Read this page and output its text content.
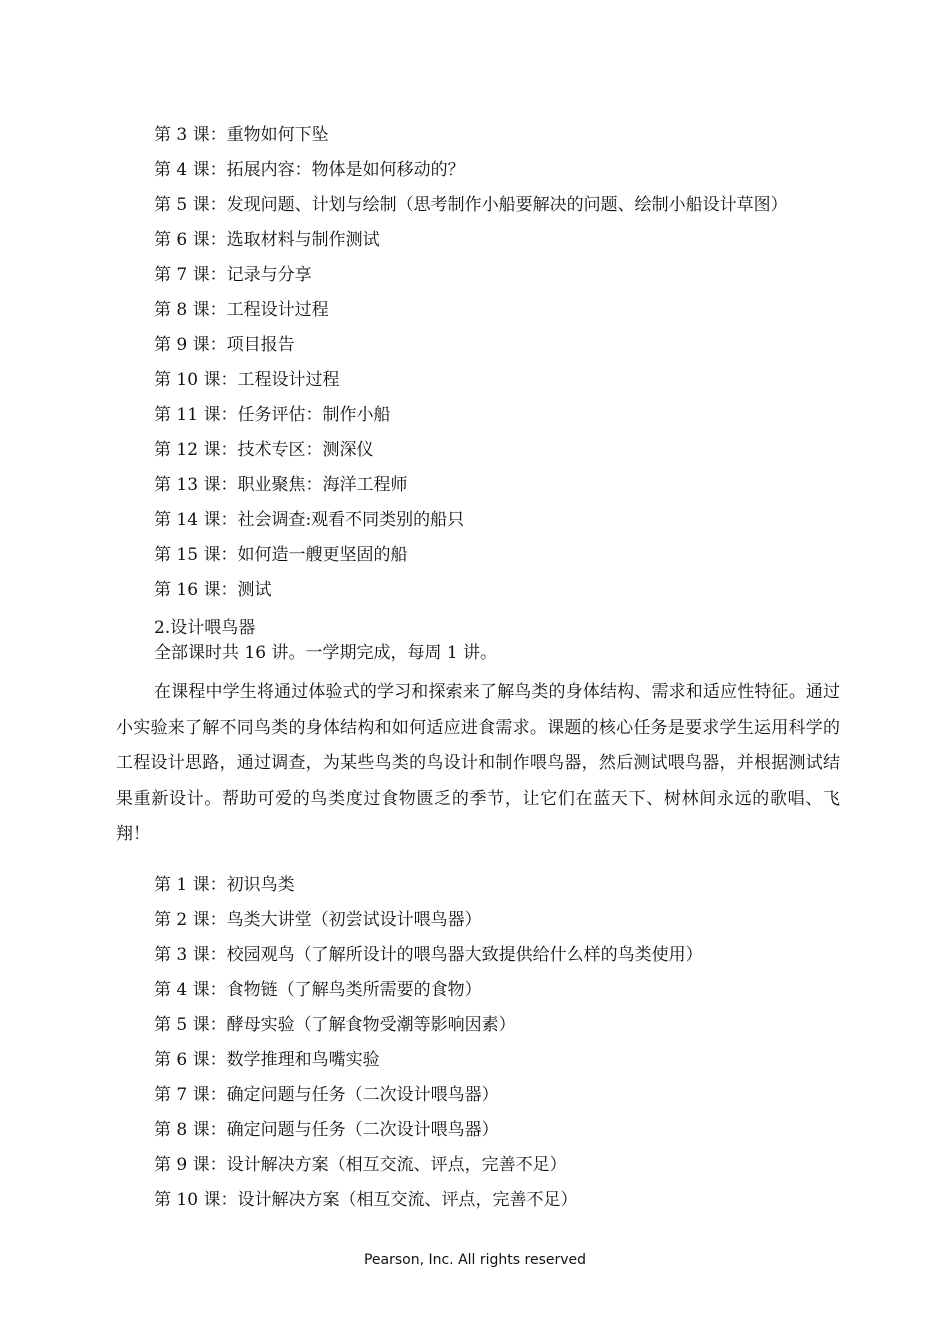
第 3 课：重物如何下坠
第 4 课：拓展内容：物体是如何移动的？
第 5 课：发现问题、计划与绘制（思考制作小船要解决的问题、绘制小船设计草图）
第 6 课：选取材料与制作测试
第 7 课：记录与分享
第 8 课：工程设计过程
第 9 课：项目报告
第 10 课：工程设计过程
第 11 课：任务评估：制作小船
第 12 课：技术专区：测深仪
第 13 课：职业聚焦：海洋工程师
第 14 课：社会调查:观看不同类别的船只
第 15 课：如何造一艘更坚固的船
第 16 课：测试
2.设计喂鸟器
全部课时共 16 讲。一学期完成，每周 1 讲。

在课程中学生将通过体验式的学习和探索来了解鸟类的身体结构、需求和适应性特征。通过小实验来了解不同鸟类的身体结构和如何适应进食需求。课题的核心任务是要求学生运用科学的工程设计思路，通过调查，为某些鸟类的鸟设计和制作喂鸟器，然后测试喂鸟器，并根据测试结果重新设计。帮助可爱的鸟类度过食物匮乏的季节，让它们在蓝天下、树林间永远的歌唱、飞翔！

第 1 课：初识鸟类
第 2 课：鸟类大讲堂（初尝试设计喂鸟器）
第 3 课：校园观鸟（了解所设计的喂鸟器大致提供给什么样的鸟类使用）
第 4 课：食物链（了解鸟类所需要的食物）
第 5 课：酵母实验（了解食物受潮等影响因素）
第 6 课：数学推理和鸟嘴实验
第 7 课：确定问题与任务（二次设计喂鸟器）
第 8 课：确定问题与任务（二次设计喂鸟器）
第 9 课：设计解决方案（相互交流、评点，完善不足）
第 10 课：设计解决方案（相互交流、评点，完善不足）
Pearson, Inc. All rights reserved
